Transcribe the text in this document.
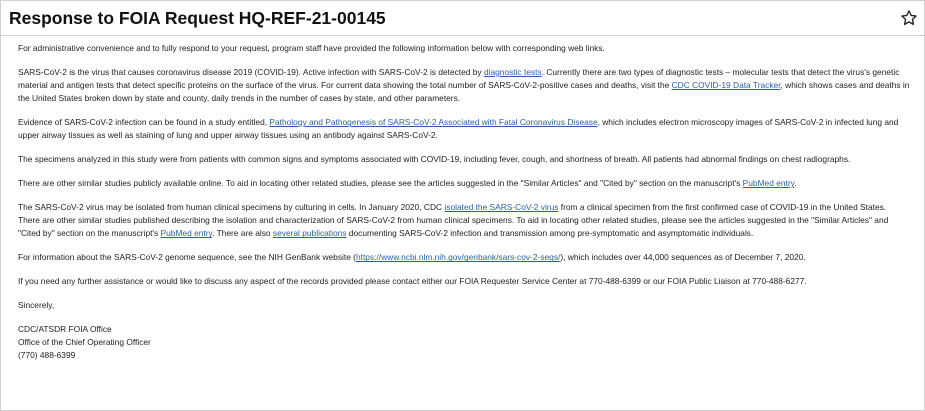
Response to FOIA Request HQ-REF-21-00145

For administrative convenience and to fully respond to your request, program staff have provided the following information below with corresponding web links.

SARS-CoV-2 is the virus that causes coronavirus disease 2019 (COVID-19). Active infection with SARS-CoV-2 is detected by diagnostic tests. Currently there are two types of diagnostic tests – molecular tests that detect the virus's genetic material and antigen tests that detect specific proteins on the surface of the virus. For current data showing the total number of SARS-CoV-2-positive cases and deaths, visit the CDC COVID-19 Data Tracker, which shows cases and deaths in the United States broken down by state and county, daily trends in the number of cases by state, and other parameters.

Evidence of SARS-CoV-2 infection can be found in a study entitled, Pathology and Pathogenesis of SARS-CoV-2 Associated with Fatal Coronavirus Disease, which includes electron microscopy images of SARS-CoV-2 in infected lung and upper airway tissues as well as staining of lung and upper airway tissues using an antibody against SARS-CoV-2.

The specimens analyzed in this study were from patients with common signs and symptoms associated with COVID-19, including fever, cough, and shortness of breath. All patients had abnormal findings on chest radiographs.

There are other similar studies publicly available online. To aid in locating other related studies, please see the articles suggested in the "Similar Articles" and "Cited by" section on the manuscript's PubMed entry.

The SARS-CoV-2 virus may be isolated from human clinical specimens by culturing in cells. In January 2020, CDC isolated the SARS-CoV-2 virus from a clinical specimen from the first confirmed case of COVID-19 in the United States. There are other similar studies published describing the isolation and characterization of SARS-CoV-2 from human clinical specimens. To aid in locating other related studies, please see the articles suggested in the "Similar Articles" and "Cited by" section on the manuscript's PubMed entry. There are also several publications documenting SARS-CoV-2 infection and transmission among pre-symptomatic and asymptomatic individuals.

For information about the SARS-CoV-2 genome sequence, see the NIH GenBank website (https://www.ncbi.nlm.nih.gov/genbank/sars-cov-2-seqs/), which includes over 44,000 sequences as of December 7, 2020.

If you need any further assistance or would like to discuss any aspect of the records provided please contact either our FOIA Requester Service Center at 770-488-6399 or our FOIA Public Liaison at 770-488-6277.

Sincerely,

CDC/ATSDR FOIA Office
Office of the Chief Operating Officer
(770) 488-6399
